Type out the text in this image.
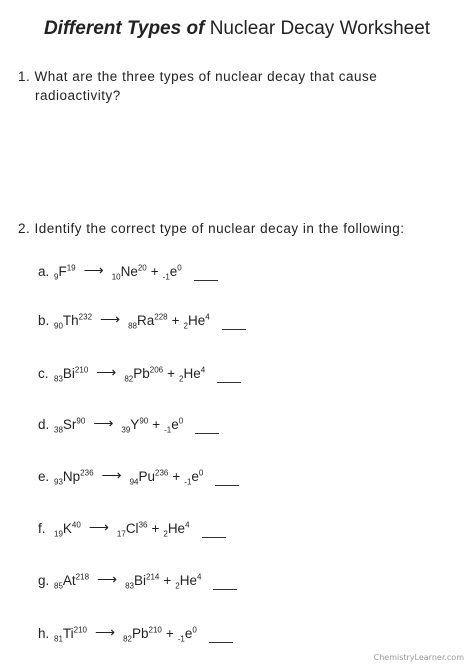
Different Types of Nuclear Decay Worksheet
1. What are the three types of nuclear decay that cause
radioactivity?
2. Identify the correct type of nuclear decay in the following:
a. $_9F^{19}$ ⟶ $_{10}Ne^{20} + _{-1}e^0$
b. $_{90}Th^{232}$ ⟶ $_{88}Ra^{228} + _2He^4$
c. $_{83}Bi^{210}$ ⟶ $_{82}Pb^{206} + _2He^4$
d. $_{38}Sr^{90}$ ⟶ $_{39}Y^{90} + _{-1}e^0$
e. $_{93}Np^{236}$ ⟶ $_{94}Pu^{236} + _{-1}e^0$
f.	$_{19}K^{40}$ ⟶ $_{17}Cl^{36} + _2He^4$
g. $_{85}At^{218}$ ⟶ $_{83}Bi^{214} + _2He^4$
h. $_{81}Ti^{210}$ ⟶ $_{82}Pb^{210} + _{-1}e^0$
ChemistryLearner.com
